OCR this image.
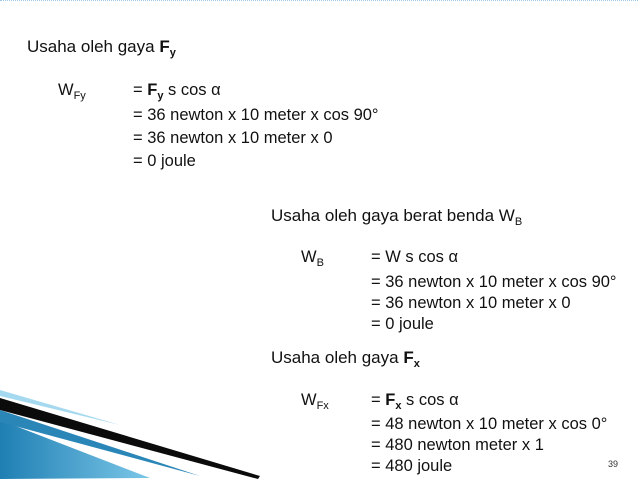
Usaha oleh gaya $F_y$
$W_{Fy}$	= $F_y$ s cos α
= 36 newton x 10 meter x cos 90°
= 36 newton x 10 meter x 0
= 0 joule
Usaha oleh gaya berat benda $W_B$
$W_B$	= W s cos α
= 36 newton x 10 meter x cos 90°
= 36 newton x 10 meter x 0
= 0 joule
Usaha oleh gaya $F_x$
$W_{Fx}$	= $F_x$ s cos α
= 48 newton x 10 meter x cos 0°
= 480 newton meter x 1
= 480 joule	39
